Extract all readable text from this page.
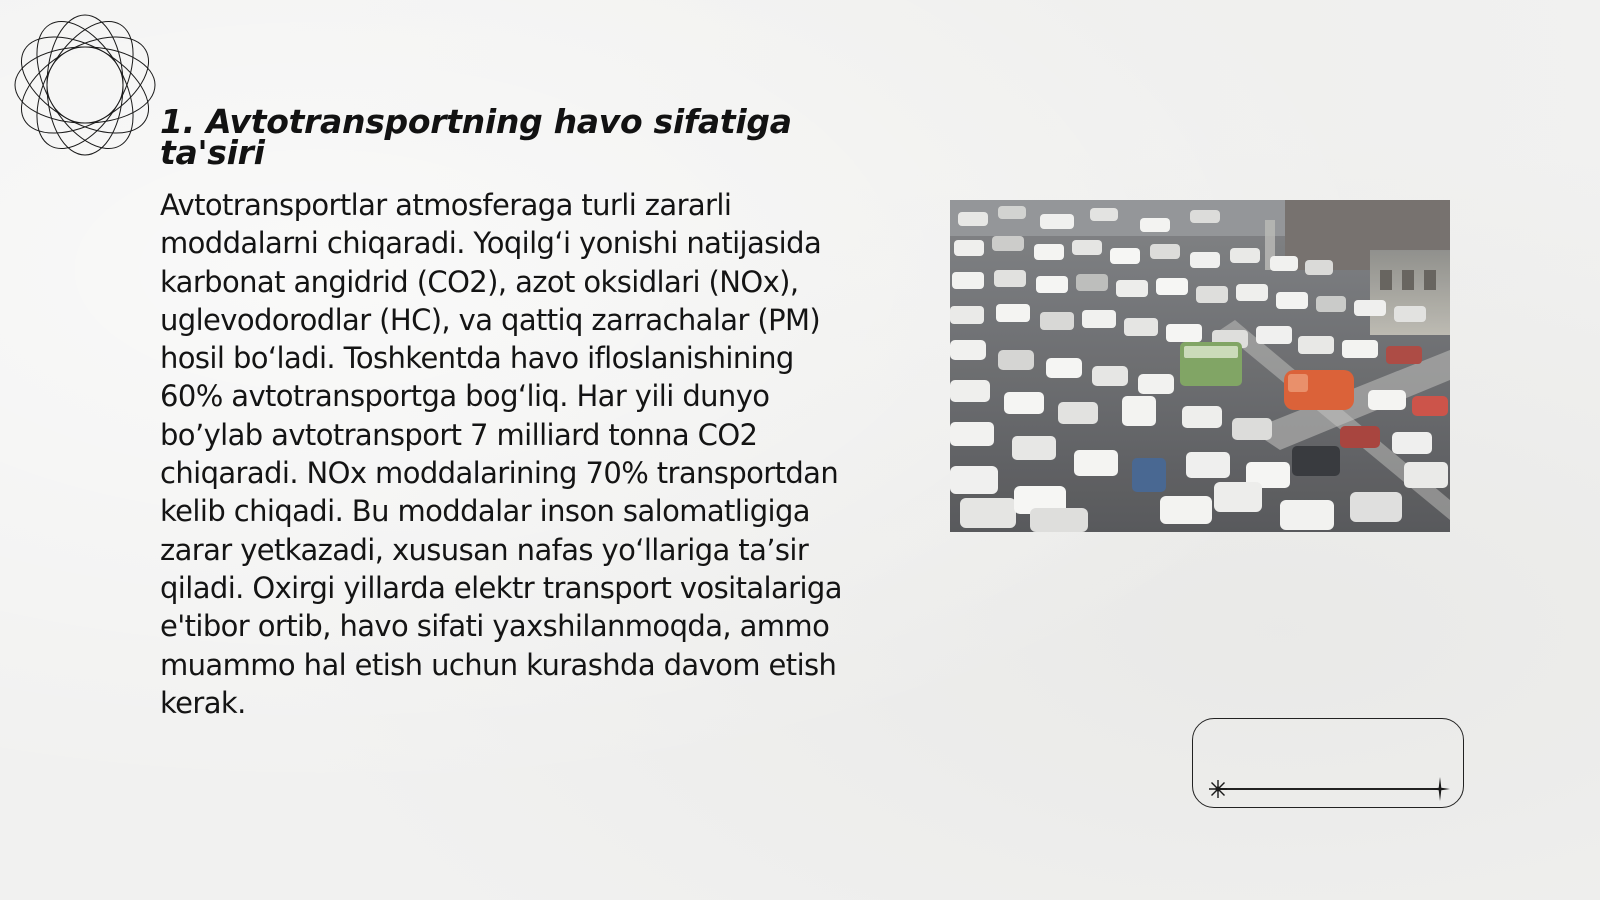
1. Avtotransportning havo sifatiga ta'siri

Avtotransportlar atmosferaga turli zararli moddalarni chiqaradi. Yoqilg‘i yonishi natijasida karbonat angidrid (CO2), azot oksidlari (NOx), uglevodorodlar (HC), va qattiq zarrachalar (PM) hosil bo‘ladi. Toshkentda havo ifloslanishining 60% avtotransportga bog‘liq. Har yili dunyo bo’ylab avtotransport 7 milliard tonna CO2 chiqaradi. NOx moddalarining 70% transportdan kelib chiqadi. Bu moddalar inson salomatligiga zarar yetkazadi, xususan nafas yo‘llariga ta’sir qiladi. Oxirgi yillarda elektr transport vositalariga e'tibor ortib, havo sifati yaxshilanmoqda, ammo muammo hal etish uchun kurashda davom etish kerak.
